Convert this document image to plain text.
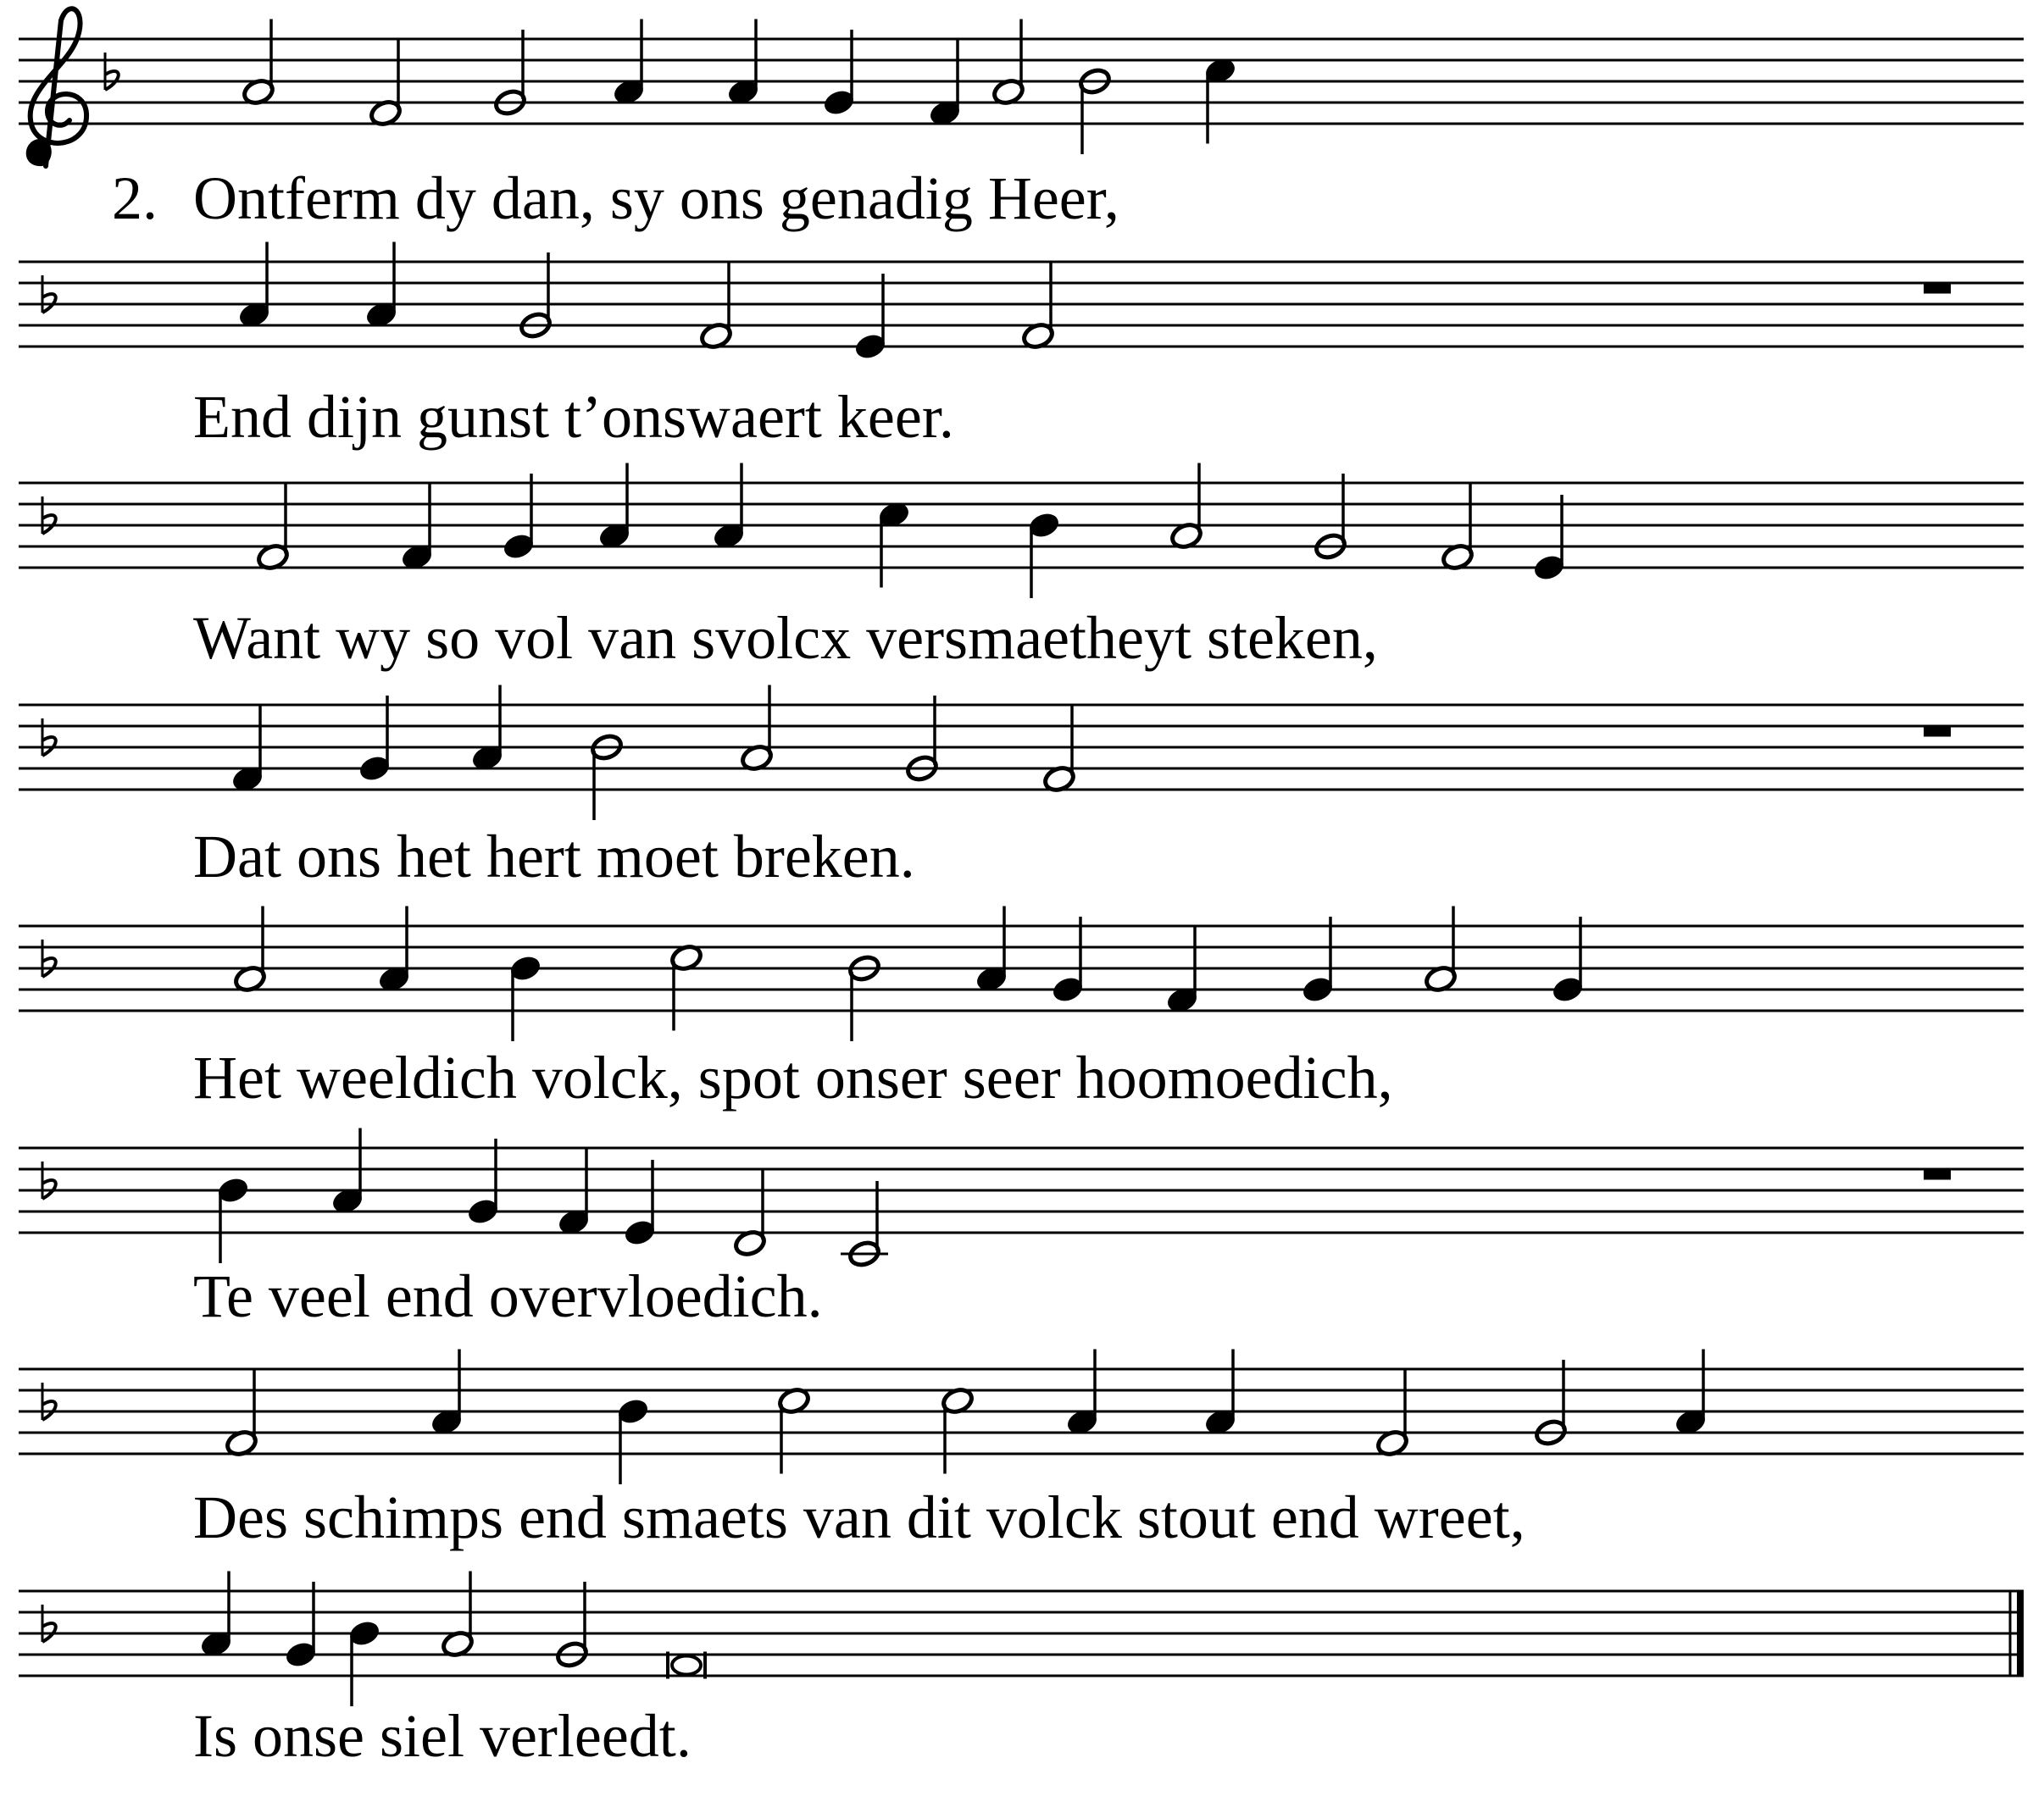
2. Ontferm dy dan, sy ons genadig Heer,
End dijn gunst t’onswaert keer.
Want wy so vol van svolcx versmaetheyt steken,
Dat ons het hert moet breken.
Het weeldich volck, spot onser seer hoomoedich,
Te veel end overvloedich.
Des schimps end smaets van dit volck stout end wreet,
Is onse siel verleedt.
